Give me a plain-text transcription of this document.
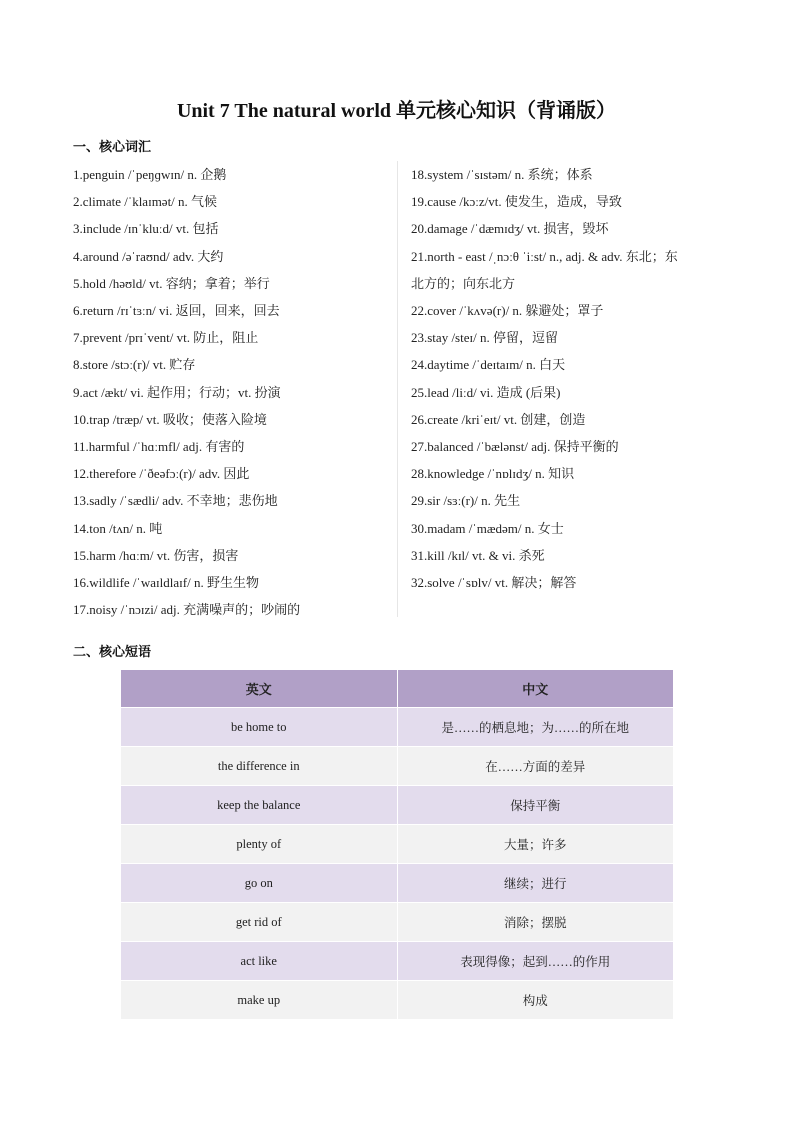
Unit 7 The natural world 单元核心知识（背诵版）
一、核心词汇
1.penguin /ˈpeŋɡwɪn/ n. 企鹅
2.climate /ˈklaɪmət/ n. 气候
3.include /ɪnˈkluːd/ vt. 包括
4.around /əˈraʊnd/ adv. 大约
5.hold /həʊld/ vt. 容纳；拿着；举行
6.return /rɪˈtɜːn/ vi. 返回，回来，回去
7.prevent /prɪˈvent/ vt. 防止，阻止
8.store /stɔː(r)/ vt. 贮存
9.act /ækt/ vi. 起作用；行动；vt. 扮演
10.trap /træp/ vt. 吸收；使落入险境
11.harmful /ˈhɑːmfl/ adj. 有害的
12.therefore /ˈðeəfɔː(r)/ adv. 因此
13.sadly /ˈsædli/ adv. 不幸地；悲伤地
14.ton /tʌn/ n. 吨
15.harm /hɑːm/ vt. 伤害，损害
16.wildlife /ˈwaɪldlaɪf/ n. 野生生物
17.noisy /ˈnɔɪzi/ adj. 充满噪声的；吵闹的
18.system /ˈsɪstəm/ n. 系统；体系
19.cause /kɔːz/vt. 使发生，造成，导致
20.damage /ˈdæmɪdʒ/ vt. 损害，毁坏
21.north - east /ˌnɔːθ ˈiːst/ n., adj. & adv. 东北；东
北方的；向东北方
22.cover /ˈkʌvə(r)/ n. 躲避处；罩子
23.stay /steɪ/ n. 停留，逗留
24.daytime /ˈdeɪtaɪm/ n. 白天
25.lead /liːd/ vi. 造成 (后果)
26.create /kriˈeɪt/ vt. 创建，创造
27.balanced /ˈbælənst/ adj. 保持平衡的
28.knowledge /ˈnɒlɪdʒ/ n. 知识
29.sir /sɜː(r)/ n. 先生
30.madam /ˈmædəm/ n. 女士
31.kill /kɪl/ vt. & vi. 杀死
32.solve /ˈsɒlv/ vt. 解决；解答
二、核心短语
英文	中文
be home to	是……的栖息地；为……的所在地
the difference in	在……方面的差异
keep the balance	保持平衡
plenty of	大量；许多
go on	继续；进行
get rid of	消除；摆脱
act like	表现得像；起到……的作用
make up	构成
